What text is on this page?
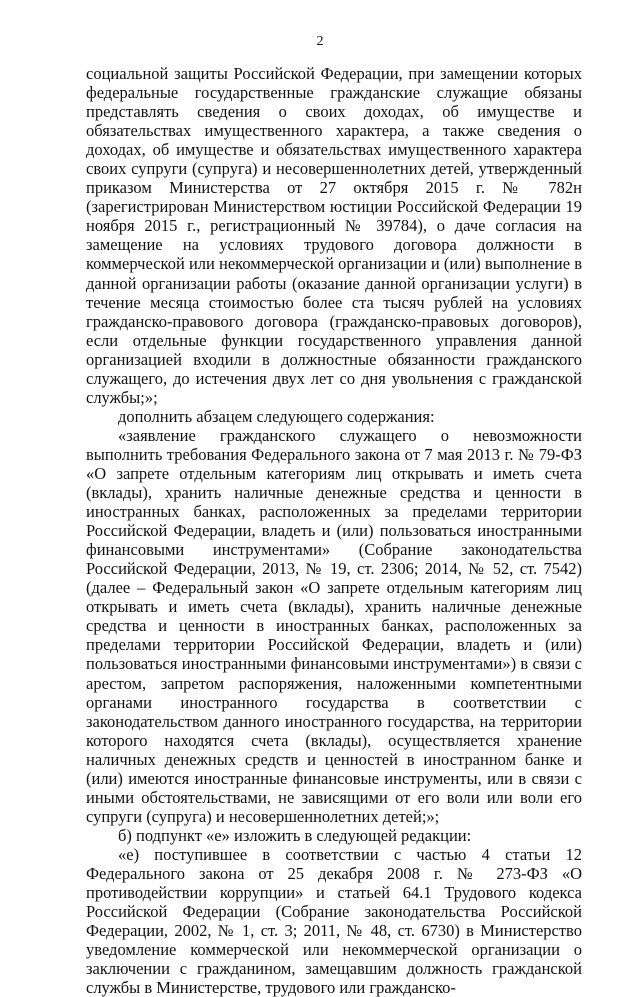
2

социальной защиты Российской Федерации, при замещении которых федеральные государственные гражданские служащие обязаны представлять сведения о своих доходах, об имуществе и обязательствах имущественного характера, а также сведения о доходах, об имуществе и обязательствах имущественного характера своих супруги (супруга) и несовершеннолетних детей, утвержденный приказом Министерства от 27 октября 2015 г. № 782н (зарегистрирован Министерством юстиции Российской Федерации 19 ноября 2015 г., регистрационный № 39784), о даче согласия на замещение на условиях трудового договора должности в коммерческой или некоммерческой организации и (или) выполнение в данной организации работы (оказание данной организации услуги) в течение месяца стоимостью более ста тысяч рублей на условиях гражданско-правового договора (гражданско-правовых договоров), если отдельные функции государственного управления данной организацией входили в должностные обязанности гражданского служащего, до истечения двух лет со дня увольнения с гражданской службы;»;

дополнить абзацем следующего содержания:

«заявление гражданского служащего о невозможности выполнить требования Федерального закона от 7 мая 2013 г. № 79-ФЗ «О запрете отдельным категориям лиц открывать и иметь счета (вклады), хранить наличные денежные средства и ценности в иностранных банках, расположенных за пределами территории Российской Федерации, владеть и (или) пользоваться иностранными финансовыми инструментами» (Собрание законодательства Российской Федерации, 2013, № 19, ст. 2306; 2014, № 52, ст. 7542) (далее – Федеральный закон «О запрете отдельным категориям лиц открывать и иметь счета (вклады), хранить наличные денежные средства и ценности в иностранных банках, расположенных за пределами территории Российской Федерации, владеть и (или) пользоваться иностранными финансовыми инструментами») в связи с арестом, запретом распоряжения, наложенными компетентными органами иностранного государства в соответствии с законодательством данного иностранного государства, на территории которого находятся счета (вклады), осуществляется хранение наличных денежных средств и ценностей в иностранном банке и (или) имеются иностранные финансовые инструменты, или в связи с иными обстоятельствами, не зависящими от его воли или воли его супруги (супруга) и несовершеннолетних детей;»;

б) подпункт «е» изложить в следующей редакции:

«е) поступившее в соответствии с частью 4 статьи 12 Федерального закона от 25 декабря 2008 г. № 273-ФЗ «О противодействии коррупции» и статьей 64.1 Трудового кодекса Российской Федерации (Собрание законодательства Российской Федерации, 2002, № 1, ст. 3; 2011, № 48, ст. 6730) в Министерство уведомление коммерческой или некоммерческой организации о заключении с гражданином, замещавшим должность гражданской службы в Министерстве, трудового или гражданско-
